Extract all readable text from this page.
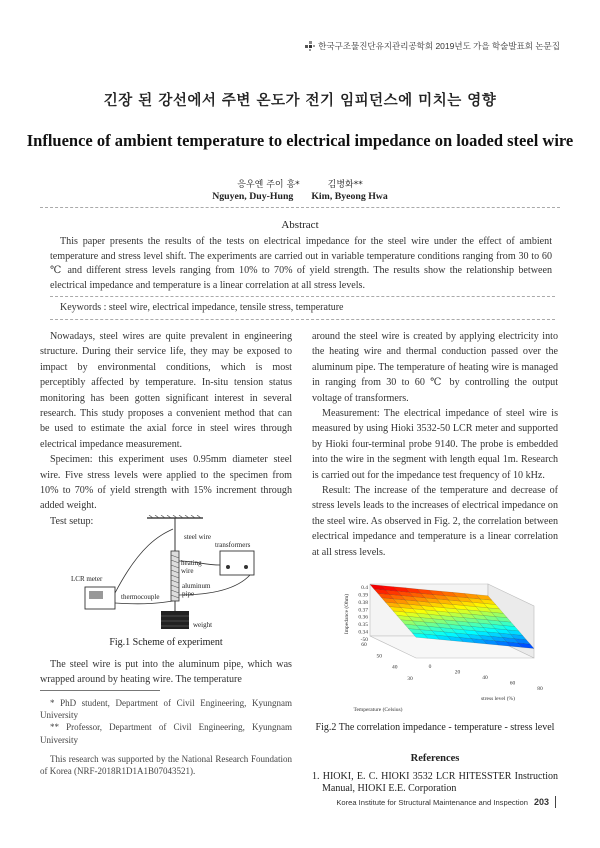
한국구조물진단유지관리공학회 2019년도 가을 학술발표회 논문집
긴장 된 강선에서 주변 온도가 전기 임피던스에 미치는 영향
Influence of ambient temperature to electrical impedance on loaded steel wire
응우옌 주이 흥*	김병화**
Nguyen, Duy-Hung Kim, Byeong Hwa
Abstract
This paper presents the results of the tests on electrical impedance for the steel wire under the effect of ambient temperature and stress level shift. The experiments are carried out in variable temperature conditions ranging from 30 to 60 ℃ and different stress levels ranging from 10% to 70% of yield strength. The results show the relationship between electrical impedance and temperature is a linear correlation at all stress levels.
Keywords : steel wire, electrical impedance, tensile stress, temperature

Nowadays, steel wires are quite prevalent in engineering structure. During their service life, they may be exposed to impact by environmental conditions, which is most perceptibly affected by temperature. In-situ tension status monitoring has been gotten significant interest in several research. This study proposes a convenient method that can be used to estimate the axial force in steel wires through electrical impedance measurement.

Specimen: this experiment uses 0.95mm diameter steel wire. Five stress levels were applied to the specimen from 10% to 70% of yield strength with 15% increment through added weight.

Test setup:

steel wire
transformers
heating
wire
aluminum
pipe
LCR meter
thermocouple
weight
Fig.1 Scheme of experiment

The steel wire is put into the aluminum pipe, which was wrapped around by heating wire. The temperature

* PhD student, Department of Civil Engineering, Kyungnam University

** Professor, Department of Civil Engineering, Kyungnam University

This research was supported by the National Research Foundation of Korea (NRF-2018R1D1A1B07043521).

around the steel wire is created by applying electricity into the heating wire and thermal conduction passed over the aluminum pipe. The temperature of heating wire is managed in ranging from 30 to 60 ℃ by controlling the output voltage of transformers.

Measurement: The electrical impedance of steel wire is measured by using Hioki 3532-50 LCR meter and supported by Hioki four-terminal probe 9140. The probe is embedded into the wire in the segment with length equal 1m. Research is carried out for the impedance test frequency of 10 kHz.

Result: The increase of the temperature and decrease of stress levels leads to the increases of electrical impedance on the steel wire. As observed in Fig. 2, the correlation between electrical impedance and temperature is a linear correlation at all stress levels.

0.4
0.39
0.38
0.37
0.36
0.35
0.34
-50
60
50
40
30
0
20
40
60
80
Impedance (Ohm)
Temperature (Celsius)
stress level (%)
Fig.2 The correlation impedance - temperature - stress level
References
1. HIOKI, E. C. HIOKI 3532 LCR HITESSTER Instruction Manual, HIOKI E.E. Corporation
Korea Institute for Structural Maintenance and Inspection 203
